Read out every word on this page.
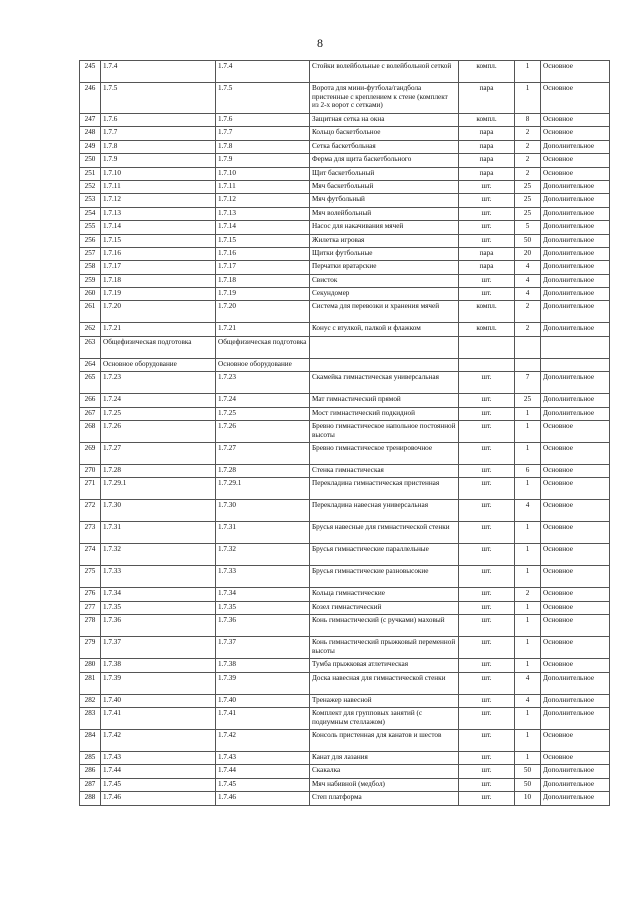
8
245	1.7.4	1.7.4	Стойки волейбольные с волейбольной сеткой	компл.	1	Основное
246	1.7.5	1.7.5	Ворота для мини-футбола/гандбола пристенные с креплением к стене (комплект из 2-х ворот с сетками)	пара	1	Основное
247	1.7.6	1.7.6	Защитная сетка на окна	компл.	8	Основное
248	1.7.7	1.7.7	Кольцо баскетбольное	пара	2	Основное
249	1.7.8	1.7.8	Сетка баскетбольная	пара	2	Дополнительное
250	1.7.9	1.7.9	Ферма для щита баскетбольного	пара	2	Основное
251	1.7.10	1.7.10	Щит баскетбольный	пара	2	Основное
252	1.7.11	1.7.11	Мяч баскетбольный	шт.	25	Дополнительное
253	1.7.12	1.7.12	Мяч футбольный	шт.	25	Дополнительное
254	1.7.13	1.7.13	Мяч волейбольный	шт.	25	Дополнительное
255	1.7.14	1.7.14	Насос для накачивания мячей	шт.	5	Дополнительное
256	1.7.15	1.7.15	Жилетка игровая	шт.	50	Дополнительное
257	1.7.16	1.7.16	Щитки футбольные	пара	20	Дополнительное
258	1.7.17	1.7.17	Перчатки вратарские	пара	4	Дополнительное
259	1.7.18	1.7.18	Свисток	шт.	4	Дополнительное
260	1.7.19	1.7.19	Секундомер	шт.	4	Дополнительное
261	1.7.20	1.7.20	Система для перевозки и хранения мячей	компл.	2	Дополнительное
262	1.7.21	1.7.21	Конус с втулкой, палкой и флажком	компл.	2	Дополнительное
263	Общефизическая подготовка	Общефизическая подготовка				
264	Основное оборудование	Основное оборудование				
265	1.7.23	1.7.23	Скамейка гимнастическая универсальная	шт.	7	Дополнительное
266	1.7.24	1.7.24	Мат гимнастический прямой	шт.	25	Дополнительное
267	1.7.25	1.7.25	Мост гимнастический подкидной	шт.	1	Дополнительное
268	1.7.26	1.7.26	Бревно гимнастическое напольное постоянной высоты	шт.	1	Основное
269	1.7.27	1.7.27	Бревно гимнастическое тренировочное	шт.	1	Основное
270	1.7.28	1.7.28	Стенка гимнастическая	шт.	6	Основное
271	1.7.29.1	1.7.29.1	Перекладина гимнастическая пристенная	шт.	1	Основное
272	1.7.30	1.7.30	Перекладина навесная универсальная	шт.	4	Основное
273	1.7.31	1.7.31	Брусья навесные для гимнастической стенки	шт.	1	Основное
274	1.7.32	1.7.32	Брусья гимнастические параллельные	шт.	1	Основное
275	1.7.33	1.7.33	Брусья гимнастические разновысокие	шт.	1	Основное
276	1.7.34	1.7.34	Кольца гимнастические	шт.	2	Основное
277	1.7.35	1.7.35	Козел гимнастический	шт.	1	Основное
278	1.7.36	1.7.36	Конь гимнастический (с ручками) маховый	шт.	1	Основное
279	1.7.37	1.7.37	Конь гимнастический прыжковый переменной высоты	шт.	1	Основное
280	1.7.38	1.7.38	Тумба прыжковая атлетическая	шт.	1	Основное
281	1.7.39	1.7.39	Доска навесная для гимнастической стенки	шт.	4	Дополнительное
282	1.7.40	1.7.40	Тренажер навесной	шт.	4	Дополнительное
283	1.7.41	1.7.41	Комплект для групповых занятий (с подиумным стеллажом)	шт.	1	Дополнительное
284	1.7.42	1.7.42	Консоль пристенная для канатов и шестов	шт.	1	Основное
285	1.7.43	1.7.43	Канат для лазания	шт.	1	Основное
286	1.7.44	1.7.44	Скакалка	шт.	50	Дополнительное
287	1.7.45	1.7.45	Мяч набивной (медбол)	шт.	50	Дополнительное
288	1.7.46	1.7.46	Степ платформа	шт.	10	Дополнительное
